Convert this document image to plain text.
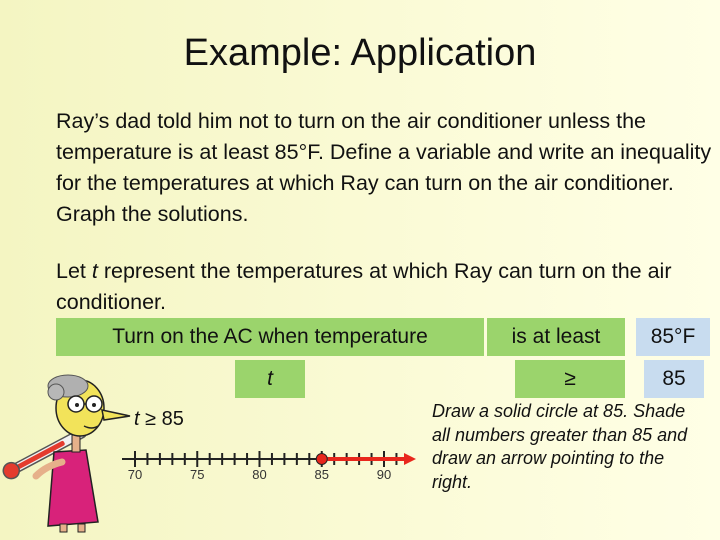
Example: Application
Ray’s dad told him not to turn on the air conditioner unless the temperature is at least 85°F. Define a variable and write an inequality for the temperatures at which Ray can turn on the air conditioner. Graph the solutions.
Let t represent the temperatures at which Ray can turn on the air conditioner.
Turn on the AC when temperature	is at least	85°F
t	≥	85
t ≥ 85
70	75	80	85	90
Draw a solid circle at 85. Shade all numbers greater than 85 and draw an arrow pointing to the right.
